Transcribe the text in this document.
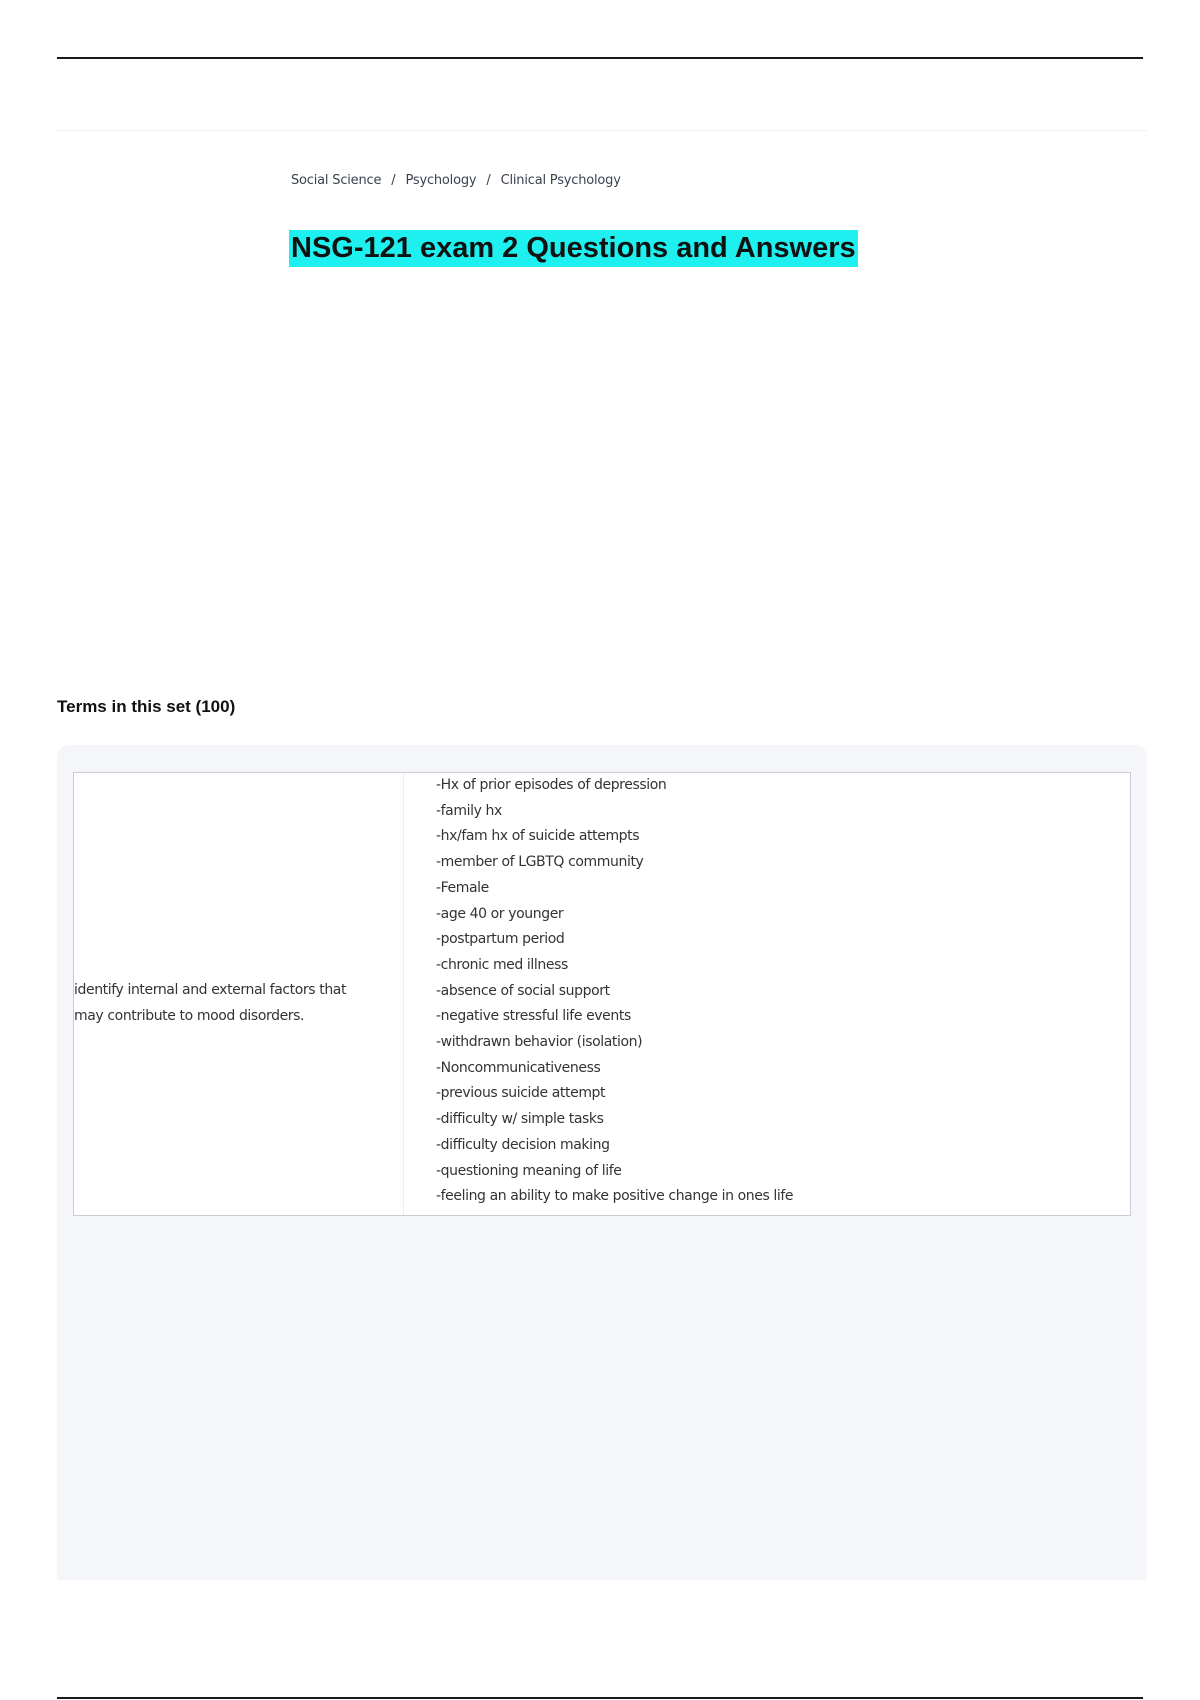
Social Science / Psychology / Clinical Psychology
NSG-121 exam 2 Questions and Answers
Terms in this set (100)
identify internal and external factors that may contribute to mood disorders.
-Hx of prior episodes of depression
-family hx
-hx/fam hx of suicide attempts
-member of LGBTQ community
-Female
-age 40 or younger
-postpartum period
-chronic med illness
-absence of social support
-negative stressful life events
-withdrawn behavior (isolation)
-Noncommunicativeness
-previous suicide attempt
-difficulty w/ simple tasks
-difficulty decision making
-questioning meaning of life
-feeling an ability to make positive change in ones life
